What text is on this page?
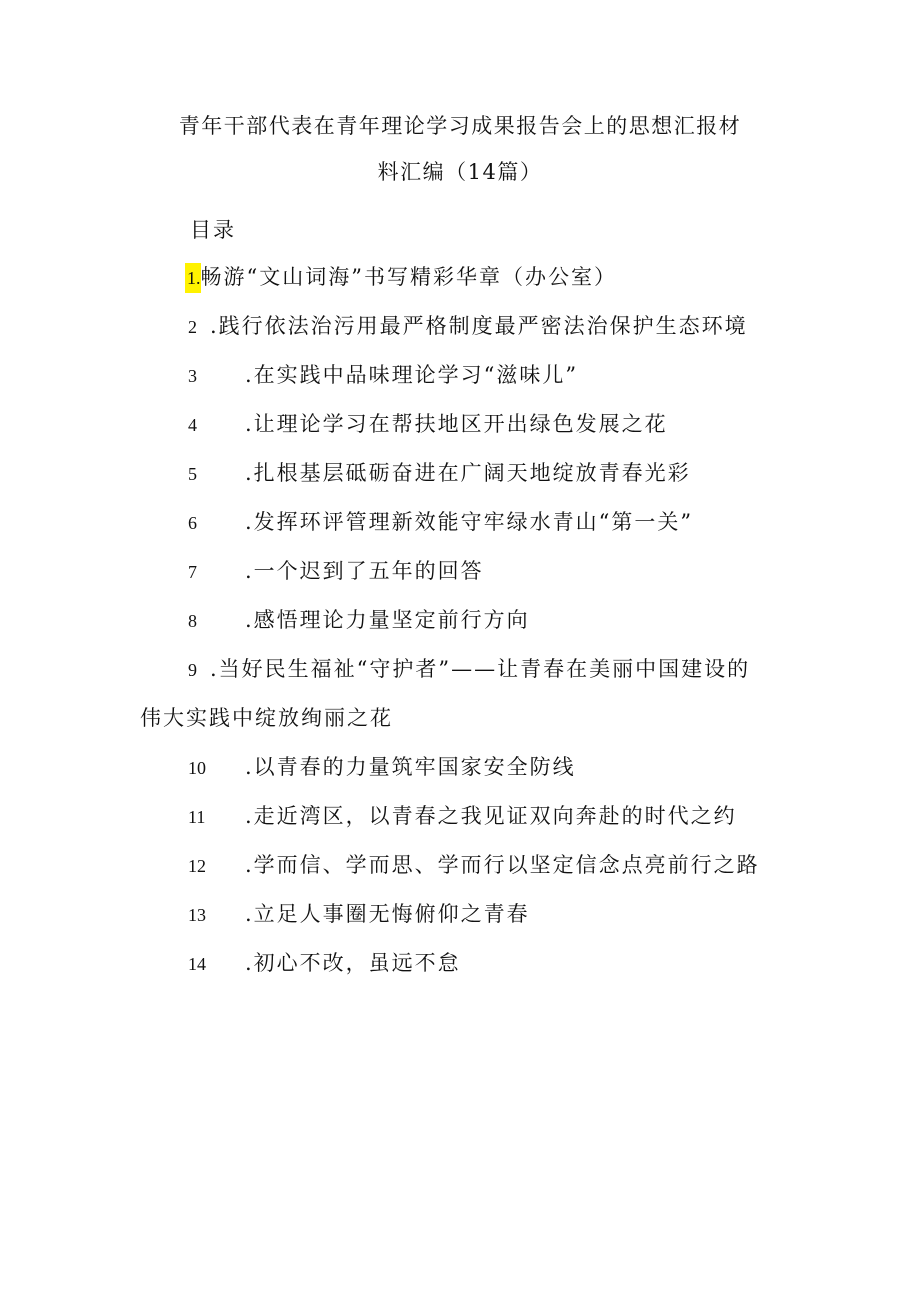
青年干部代表在青年理论学习成果报告会上的思想汇报材
料汇编（14篇）
目录
1.畅游“文山词海”书写精彩华章（办公室）
2 .践行依法治污用最严格制度最严密法治保护生态环境
3 .在实践中品味理论学习“滋味儿”
4 .让理论学习在帮扶地区开出绿色发展之花
5 .扎根基层砥砺奋进在广阔天地绽放青春光彩
6 .发挥环评管理新效能守牢绿水青山“第一关”
7 .一个迟到了五年的回答
8 .感悟理论力量坚定前行方向
9 .当好民生福祉“守护者”——让青春在美丽中国建设的
伟大实践中绽放绚丽之花
10 .以青春的力量筑牢国家安全防线
11 .走近湾区，以青春之我见证双向奔赴的时代之约
12 .学而信、学而思、学而行以坚定信念点亮前行之路
13 .立足人事圈无悔俯仰之青春
14 .初心不改，虽远不怠
